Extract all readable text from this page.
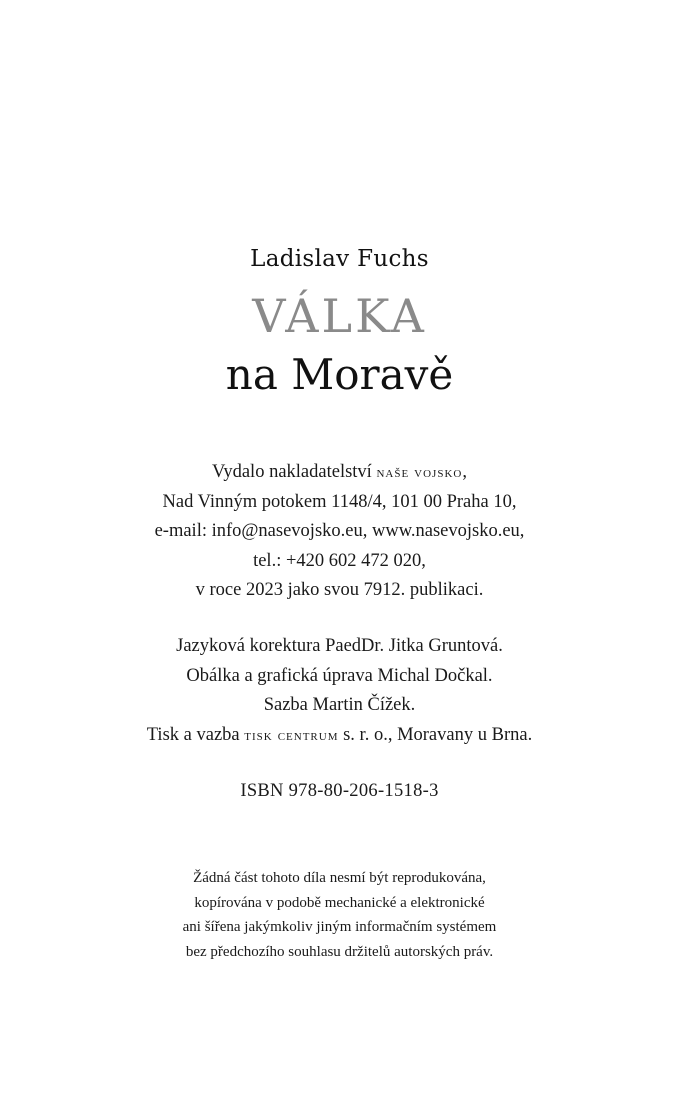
Ladislav Fuchs
VÁLKA
na Moravě
Vydalo nakladatelství naše vojsko,
Nad Vinným potokem 1148/4, 101 00 Praha 10,
e-mail: info@nasevojsko.eu, www.nasevojsko.eu,
tel.: +420 602 472 020,
v roce 2023 jako svou 7912. publikaci.
Jazyková korektura PaedDr. Jitka Gruntová.
Obálka a grafická úprava Michal Dočkal.
Sazba Martin Čížek.
Tisk a vazba tisk centrum s. r. o., Moravany u Brna.
ISBN 978-80-206-1518-3
Žádná část tohoto díla nesmí být reprodukována,
kopírována v podobě mechanické a elektronické
ani šířena jakýmkoliv jiným informačním systémem
bez předchozího souhlasu držitelů autorských práv.
